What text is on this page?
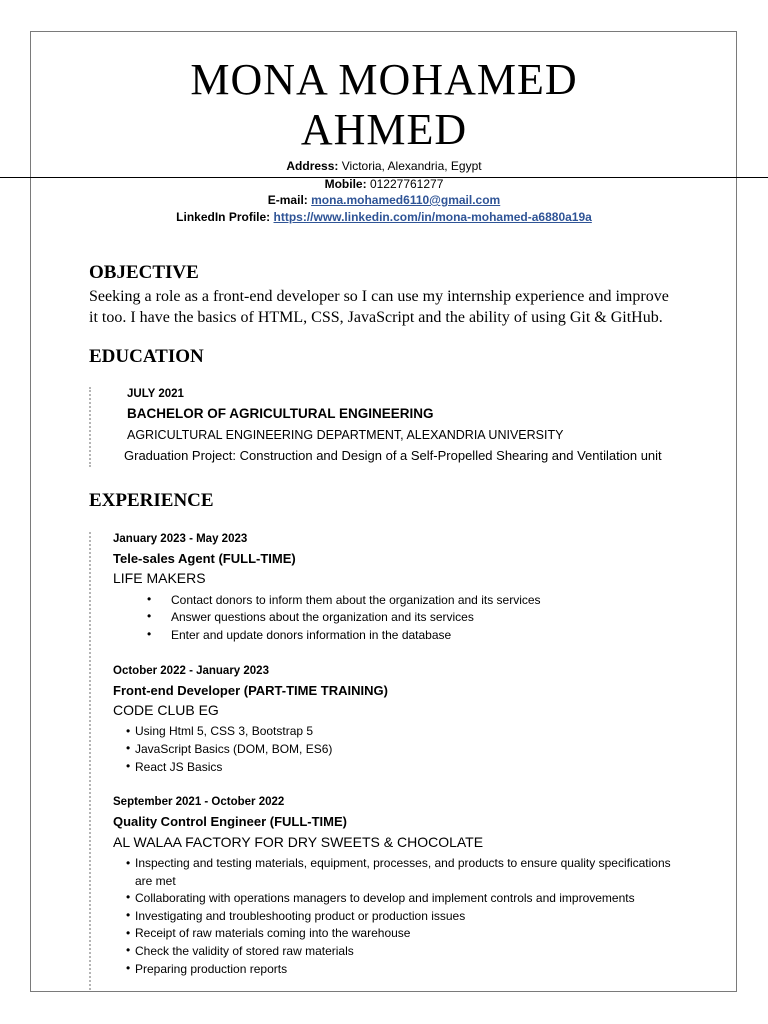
MONA MOHAMED
AHMED
Address: Victoria, Alexandria, Egypt
Mobile: 01227761277
E-mail: mona.mohamed6110@gmail.com
LinkedIn Profile: https://www.linkedin.com/in/mona-mohamed-a6880a19a
OBJECTIVE
Seeking a role as a front-end developer so I can use my internship experience and improve
it too. I have the basics of HTML, CSS, JavaScript and the ability of using Git & GitHub.
EDUCATION
JULY 2021
BACHELOR OF AGRICULTURAL ENGINEERING
AGRICULTURAL ENGINEERING DEPARTMENT, ALEXANDRIA UNIVERSITY
Graduation Project: Construction and Design of a Self-Propelled Shearing and Ventilation unit
EXPERIENCE
January 2023 - May 2023
Tele-sales Agent (FULL-TIME)
LIFE MAKERS
• Contact donors to inform them about the organization and its services
• Answer questions about the organization and its services
• Enter and update donors information in the database
October 2022 - January 2023
Front-end Developer (PART-TIME TRAINING)
CODE CLUB EG
• Using Html 5, CSS 3, Bootstrap 5
• JavaScript Basics (DOM, BOM, ES6)
• React JS Basics
September 2021 - October 2022
Quality Control Engineer (FULL-TIME)
AL WALAA FACTORY FOR DRY SWEETS & CHOCOLATE
• Inspecting and testing materials, equipment, processes, and products to ensure quality specifications
are met
• Collaborating with operations managers to develop and implement controls and improvements
• Investigating and troubleshooting product or production issues
• Receipt of raw materials coming into the warehouse
• Check the validity of stored raw materials
• Preparing production reports
